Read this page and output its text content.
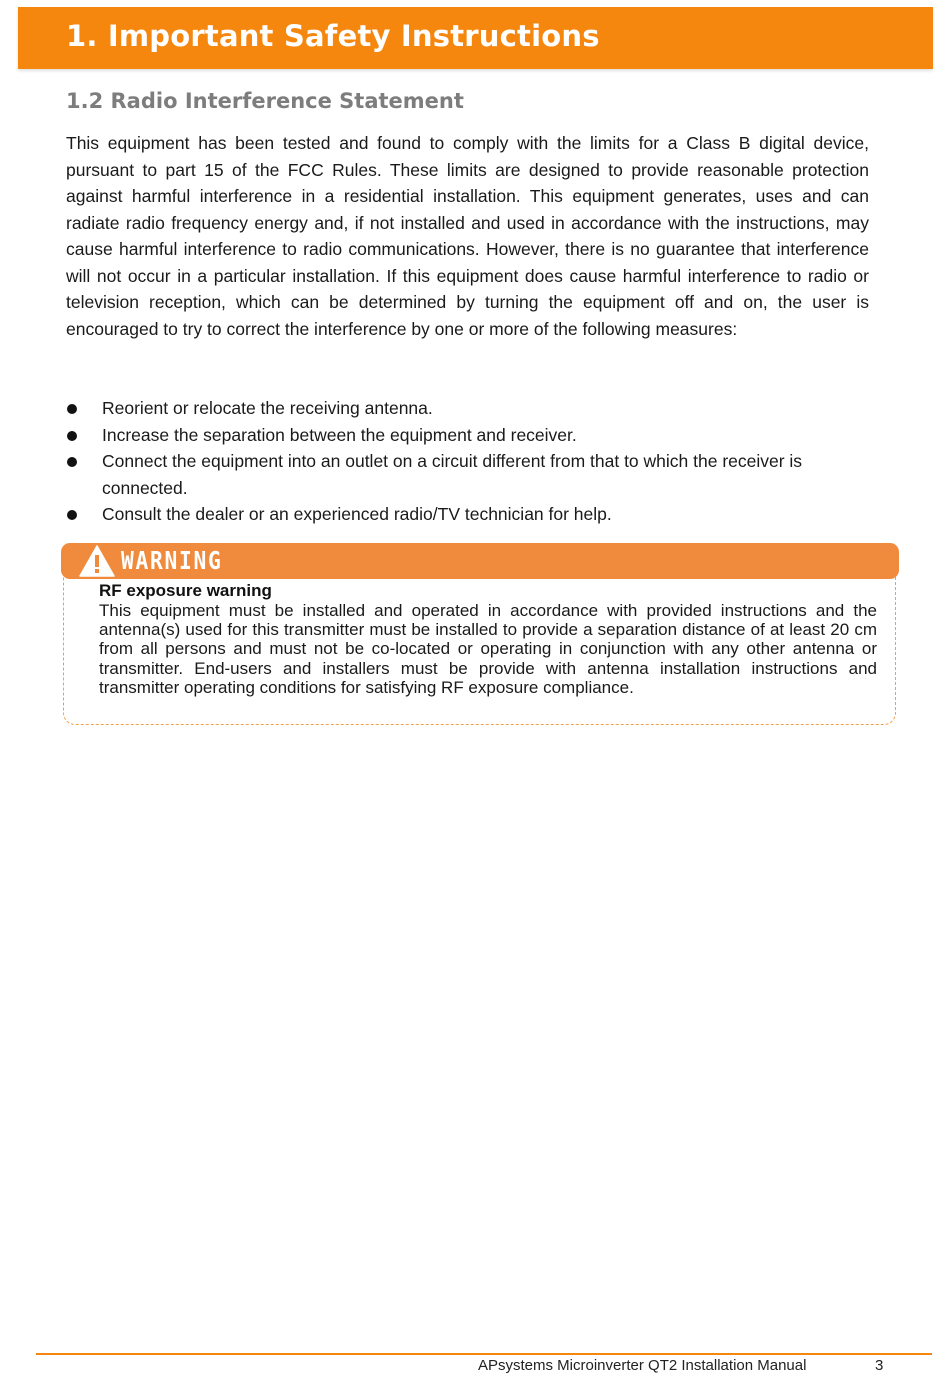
1. Important Safety Instructions
1.2 Radio Interference Statement

This equipment has been tested and found to comply with the limits for a Class B digital device, pursuant to part 15 of the FCC Rules. These limits are designed to provide reasonable protection against harmful interference in a residential installation. This equipment generates, uses and can radiate radio frequency energy and, if not installed and used in accordance with the instructions, may cause harmful interference to radio communications. However, there is no guarantee that interference will not occur in a particular installation. If this equipment does cause harmful interference to radio or television reception, which can be determined by turning the equipment off and on, the user is encouraged to try to correct the interference by one or more of the following measures:

Reorient or relocate the receiving antenna.
Increase the separation between the equipment and receiver.
Connect the equipment into an outlet on a circuit different from that to which the receiver is connected.
Consult the dealer or an experienced radio/TV technician for help.
WARNING

RF exposure warning

This equipment must be installed and operated in accordance with provided instructions and the antenna(s) used for this transmitter must be installed to provide a separation distance of at least 20 cm from all persons and must not be co-located or operating in conjunction with any other antenna or transmitter. End-users and installers must be provide with antenna installation instructions and transmitter operating conditions for satisfying RF exposure compliance.

APsystems Microinverter QT2 Installation Manual	3
